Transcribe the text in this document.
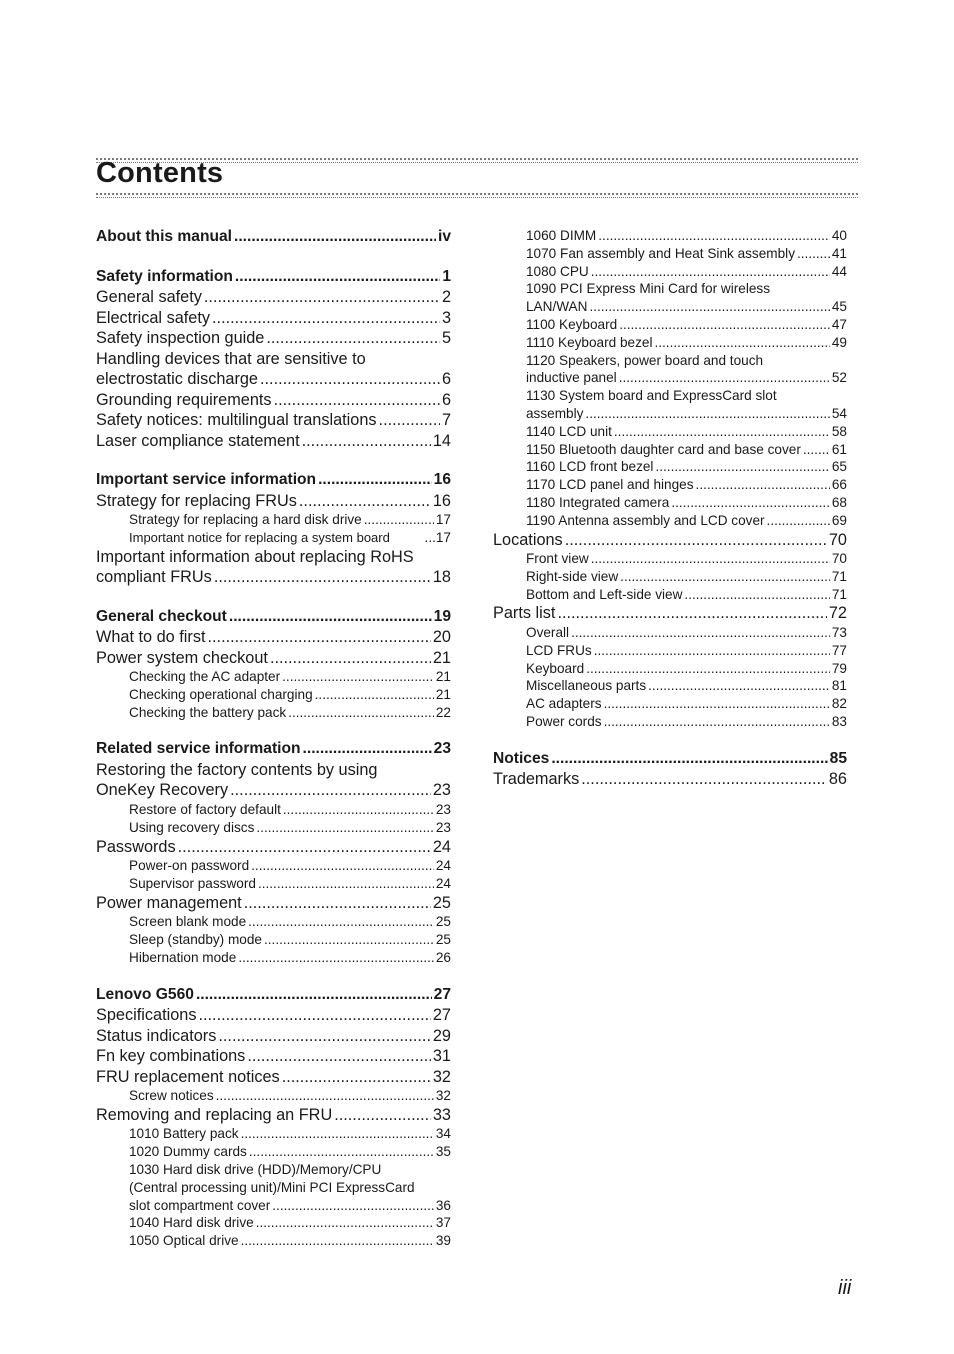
Contents
About this manual .....	iv
Safety information .....	1
General safety .....	2
Electrical safety .....	3
Safety inspection guide .....	5
Handling devices that are sensitive to
electrostatic discharge .....	6
Grounding requirements .....	6
Safety notices: multilingual translations .....	7
Laser compliance statement .....	14
Important service information .....	16
Strategy for replacing FRUs .....	16
Strategy for replacing a hard disk drive .....	17
Important notice for replacing a system board	...17
Important information about replacing RoHS
compliant FRUs .....	18
General checkout .....	19
What to do first .....	20
Power system checkout .....	21
Checking the AC adapter .....	21
Checking operational charging .....	21
Checking the battery pack .....	22
Related service information .....	23
Restoring the factory contents by using
OneKey Recovery .....	23
Restore of factory default .....	23
Using recovery discs .....	23
Passwords .....	24
Power-on password .....	24
Supervisor password .....	24
Power management .....	25
Screen blank mode .....	25
Sleep (standby) mode .....	25
Hibernation mode .....	26
Lenovo G560 .....	27
Specifications .....	27
Status indicators .....	29
Fn key combinations .....	31
FRU replacement notices .....	32
Screw notices .....	32
Removing and replacing an FRU .....	33
1010 Battery pack .....	34
1020 Dummy cards .....	35
1030 Hard disk drive (HDD)/Memory/CPU
(Central processing unit)/Mini PCI ExpressCard
slot compartment cover .....	36
1040 Hard disk drive .....	37
1050 Optical drive .....	39
1060 DIMM .....	40
1070 Fan assembly and Heat Sink assembly .....	41
1080 CPU .....	44
1090 PCI Express Mini Card for wireless
LAN/WAN .....	45
1100 Keyboard .....	47
1110 Keyboard bezel .....	49
1120 Speakers, power board and touch
inductive panel .....	52
1130 System board and ExpressCard slot
assembly .....	54
1140 LCD unit .....	58
1150 Bluetooth daughter card and base cover ..... 61
1160 LCD front bezel .....	65
1170 LCD panel and hinges .....	66
1180 Integrated camera .....	68
1190 Antenna assembly and LCD cover .....	69
Locations .....	70
Front view .....	70
Right-side view .....	71
Bottom and Left-side view .....	71
Parts list .....	72
Overall .....	73
LCD FRUs .....	77
Keyboard .....	79
Miscellaneous parts .....	81
AC adapters .....	82
Power cords .....	83
Notices .....	85
Trademarks .....	86
iii
